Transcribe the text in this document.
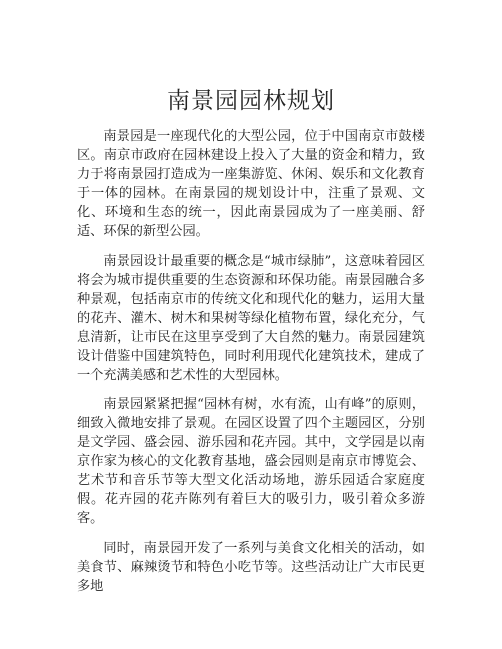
南景园园林规划

南景园是一座现代化的大型公园，位于中国南京市鼓楼区。南京市政府在园林建设上投入了大量的资金和精力，致力于将南景园打造成为一座集游览、休闲、娱乐和文化教育于一体的园林。在南景园的规划设计中，注重了景观、文化、环境和生态的统一，因此南景园成为了一座美丽、舒适、环保的新型公园。

南景园设计最重要的概念是“城市绿肺”，这意味着园区将会为城市提供重要的生态资源和环保功能。南景园融合多种景观，包括南京市的传统文化和现代化的魅力，运用大量的花卉、灌木、树木和果树等绿化植物布置，绿化充分，气息清新，让市民在这里享受到了大自然的魅力。南景园建筑设计借鉴中国建筑特色，同时利用现代化建筑技术，建成了一个充满美感和艺术性的大型园林。

南景园紧紧把握“园林有树，水有流，山有峰”的原则，细致入微地安排了景观。在园区设置了四个主题园区，分别是文学园、盛会园、游乐园和花卉园。其中，文学园是以南京作家为核心的文化教育基地，盛会园则是南京市博览会、艺术节和音乐节等大型文化活动场地，游乐园适合家庭度假。花卉园的花卉陈列有着巨大的吸引力，吸引着众多游客。

同时，南景园开发了一系列与美食文化相关的活动，如美食节、麻辣烫节和特色小吃节等。这些活动让广大市民更多地
